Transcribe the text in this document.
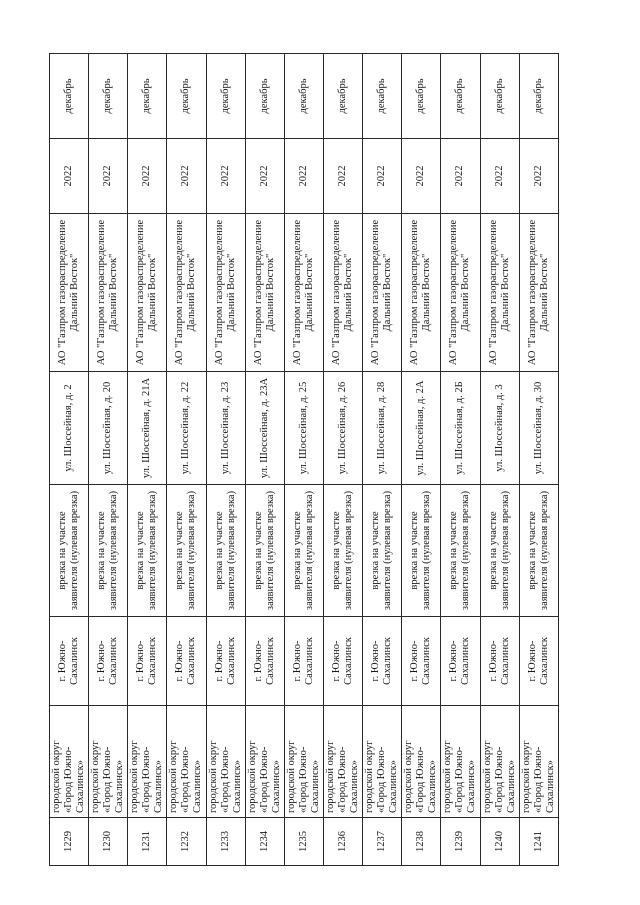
1229	городской округ «Город Южно-Сахалинск»	г. Южно-Сахалинск	врезка на участке заявителя (нулевая врезка)	ул. Шоссейная, д. 2	АО "Газпром газораспределение Дальний Восток"	2022	декабрь
1230	городской округ «Город Южно-Сахалинск»	г. Южно-Сахалинск	врезка на участке заявителя (нулевая врезка)	ул. Шоссейная, д. 20	АО "Газпром газораспределение Дальний Восток"	2022	декабрь
1231	городской округ «Город Южно-Сахалинск»	г. Южно-Сахалинск	врезка на участке заявителя (нулевая врезка)	ул. Шоссейная, д. 21А	АО "Газпром газораспределение Дальний Восток"	2022	декабрь
1232	городской округ «Город Южно-Сахалинск»	г. Южно-Сахалинск	врезка на участке заявителя (нулевая врезка)	ул. Шоссейная, д. 22	АО "Газпром газораспределение Дальний Восток"	2022	декабрь
1233	городской округ «Город Южно-Сахалинск»	г. Южно-Сахалинск	врезка на участке заявителя (нулевая врезка)	ул. Шоссейная, д. 23	АО "Газпром газораспределение Дальний Восток"	2022	декабрь
1234	городской округ «Город Южно-Сахалинск»	г. Южно-Сахалинск	врезка на участке заявителя (нулевая врезка)	ул. Шоссейная, д. 23А	АО "Газпром газораспределение Дальний Восток"	2022	декабрь
1235	городской округ «Город Южно-Сахалинск»	г. Южно-Сахалинск	врезка на участке заявителя (нулевая врезка)	ул. Шоссейная, д. 25	АО "Газпром газораспределение Дальний Восток"	2022	декабрь
1236	городской округ «Город Южно-Сахалинск»	г. Южно-Сахалинск	врезка на участке заявителя (нулевая врезка)	ул. Шоссейная, д. 26	АО "Газпром газораспределение Дальний Восток"	2022	декабрь
1237	городской округ «Город Южно-Сахалинск»	г. Южно-Сахалинск	врезка на участке заявителя (нулевая врезка)	ул. Шоссейная, д. 28	АО "Газпром газораспределение Дальний Восток"	2022	декабрь
1238	городской округ «Город Южно-Сахалинск»	г. Южно-Сахалинск	врезка на участке заявителя (нулевая врезка)	ул. Шоссейная, д. 2А	АО "Газпром газораспределение Дальний Восток"	2022	декабрь
1239	городской округ «Город Южно-Сахалинск»	г. Южно-Сахалинск	врезка на участке заявителя (нулевая врезка)	ул. Шоссейная, д. 2Б	АО "Газпром газораспределение Дальний Восток"	2022	декабрь
1240	городской округ «Город Южно-Сахалинск»	г. Южно-Сахалинск	врезка на участке заявителя (нулевая врезка)	ул. Шоссейная, д. 3	АО "Газпром газораспределение Дальний Восток"	2022	декабрь
1241	городской округ «Город Южно-Сахалинск»	г. Южно-Сахалинск	врезка на участке заявителя (нулевая врезка)	ул. Шоссейная, д. 30	АО "Газпром газораспределение Дальний Восток"	2022	декабрь
